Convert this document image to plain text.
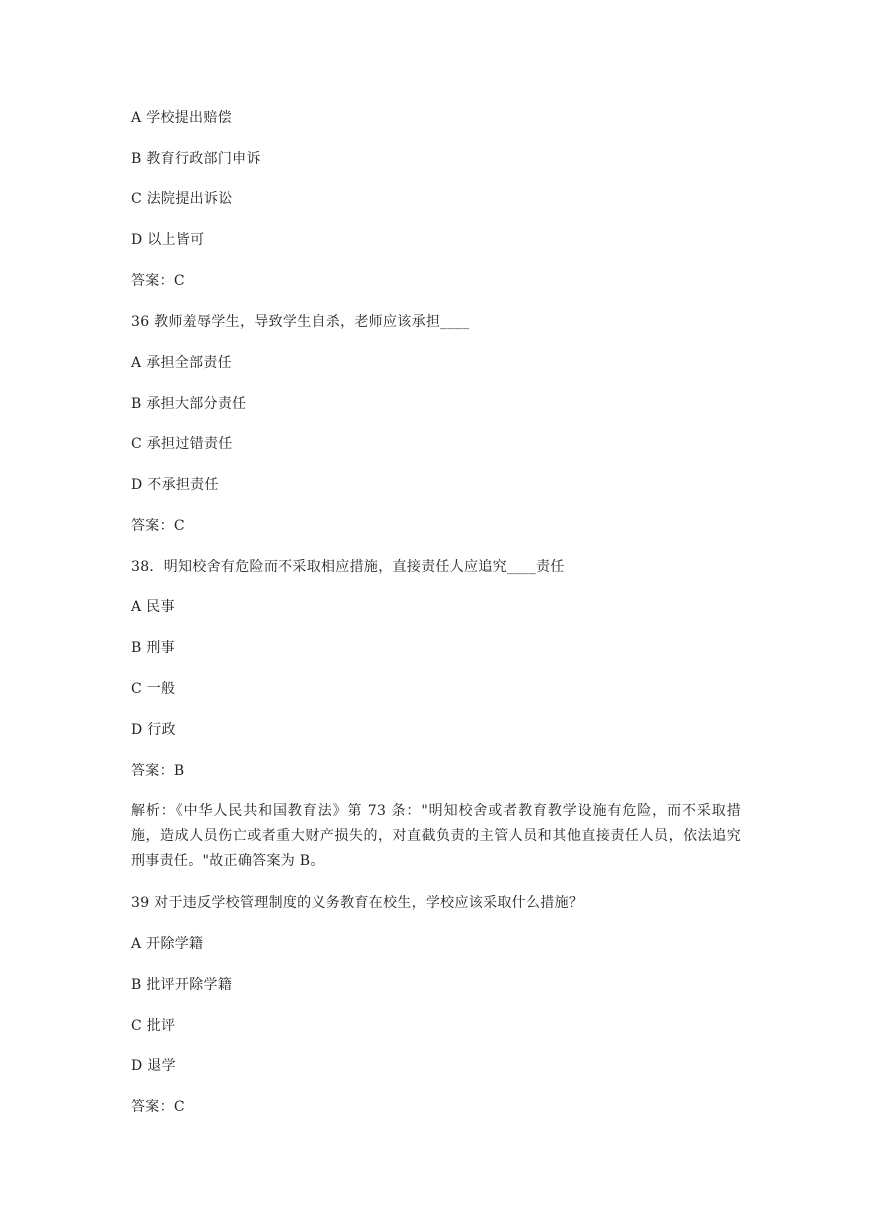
A 学校提出赔偿
B 教育行政部门申诉
C 法院提出诉讼
D 以上皆可
答案：C
36 教师羞辱学生，导致学生自杀，老师应该承担____
A 承担全部责任
B 承担大部分责任
C 承担过错责任
D 不承担责任
答案：C
38．明知校舍有危险而不采取相应措施，直接责任人应追究____责任
A 民事
B 刑事
C 一般
D 行政
答案：B
解析：《中华人民共和国教育法》第 73 条："明知校舍或者教育教学设施有危险，而不采取措施，造成人员伤亡或者重大财产损失的，对直截负责的主管人员和其他直接责任人员，依法追究刑事责任。"故正确答案为 B。
39 对于违反学校管理制度的义务教育在校生，学校应该采取什么措施？
A 开除学籍
B 批评开除学籍
C 批评
D 退学
答案：C
